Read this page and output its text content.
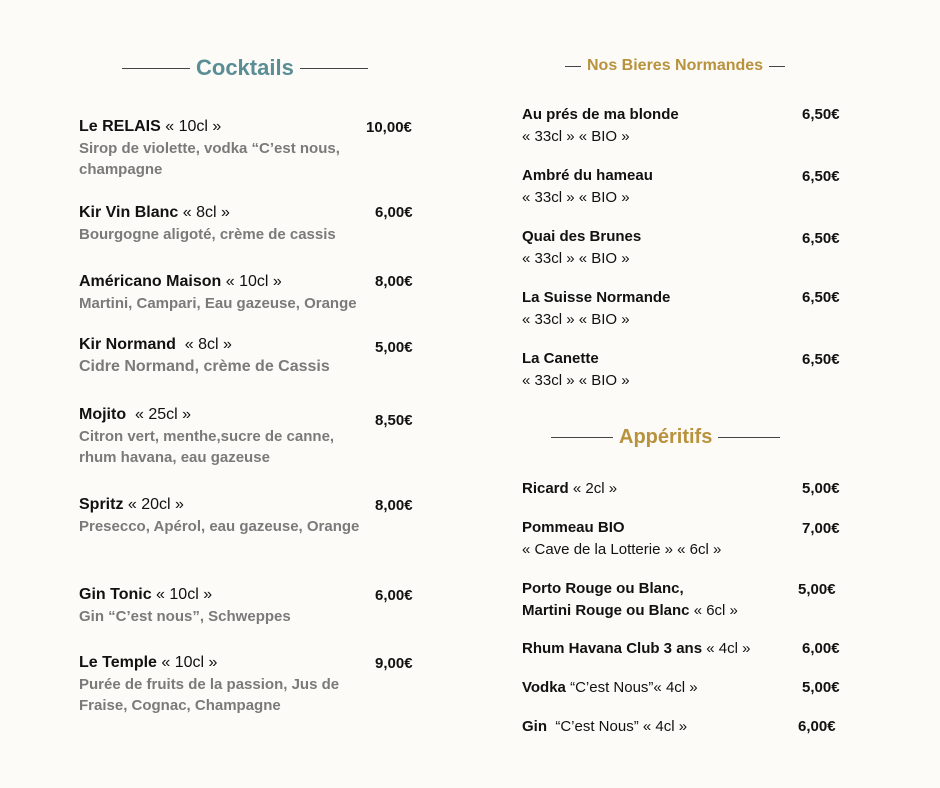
Cocktails
Le RELAIS « 10cl »
Sirop de violette, vodka “C’est nous, champagne
10,00€
Kir Vin Blanc « 8cl »
Bourgogne aligoté, crème de cassis
6,00€
Américano Maison « 10cl »
Martini, Campari, Eau gazeuse, Orange
8,00€
Kir Normand  « 8cl »
Cidre Normand, crème de Cassis
5,00€
Mojito  « 25cl »
Citron vert, menthe,sucre de canne, rhum havana, eau gazeuse
8,50€
Spritz « 20cl »
Presecco, Apérol, eau gazeuse, Orange
8,00€
Gin Tonic « 10cl »
Gin “C’est nous”, Schweppes
6,00€
Le Temple « 10cl »
Purée de fruits de la passion, Jus de Fraise, Cognac, Champagne
9,00€
Nos Bieres Normandes
Au prés de ma blonde
« 33cl » « BIO »
6,50€
Ambré du hameau
« 33cl » « BIO »
6,50€
Quai des Brunes
« 33cl » « BIO »
6,50€
La Suisse Normande
« 33cl » « BIO »
6,50€
La Canette
« 33cl » « BIO »
6,50€
Appéritifs
Ricard « 2cl »	5,00€
Pommeau BIO
« Cave de la Lotterie » « 6cl »
7,00€
Porto Rouge ou Blanc,
Martini Rouge ou Blanc « 6cl »
5,00€
Rhum Havana Club 3 ans « 4cl »	6,00€
Vodka “C’est Nous”« 4cl »	5,00€
Gin  “C’est Nous” « 4cl »	6,00€
